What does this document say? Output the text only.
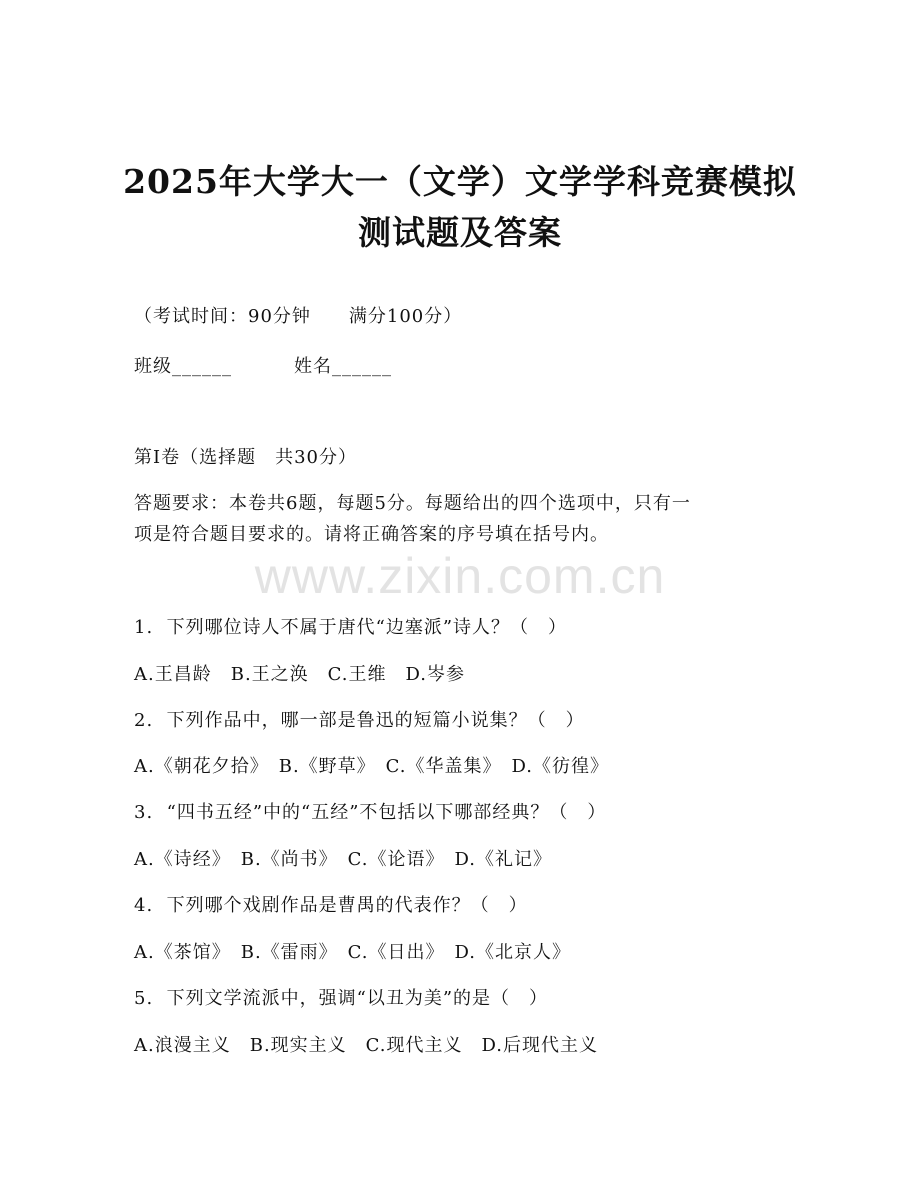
www.zixin.com.cn
2025年大学大一（文学）文学学科竞赛模拟
测试题及答案
（考试时间：90分钟　　满分100分）
班级______	姓名______
第Ⅰ卷（选择题　共30分）
答题要求：本卷共6题，每题5分。每题给出的四个选项中，只有一
项是符合题目要求的。请将正确答案的序号填在括号内。
1.  下列哪位诗人不属于唐代“边塞派”诗人？（　）
A.王昌龄　B.王之涣　C.王维　D.岑参
2.  下列作品中，哪一部是鲁迅的短篇小说集？（　）
A.《朝花夕拾》　B.《野草》　C.《华盖集》　D.《彷徨》
3.  “四书五经”中的“五经”不包括以下哪部经典？（　）
A.《诗经》　B.《尚书》　C.《论语》　D.《礼记》
4.  下列哪个戏剧作品是曹禺的代表作？（　）
A.《茶馆》　B.《雷雨》　C.《日出》　D.《北京人》
5.  下列文学流派中，强调“以丑为美”的是（　）
A.浪漫主义　B.现实主义　C.现代主义　D.后现代主义
